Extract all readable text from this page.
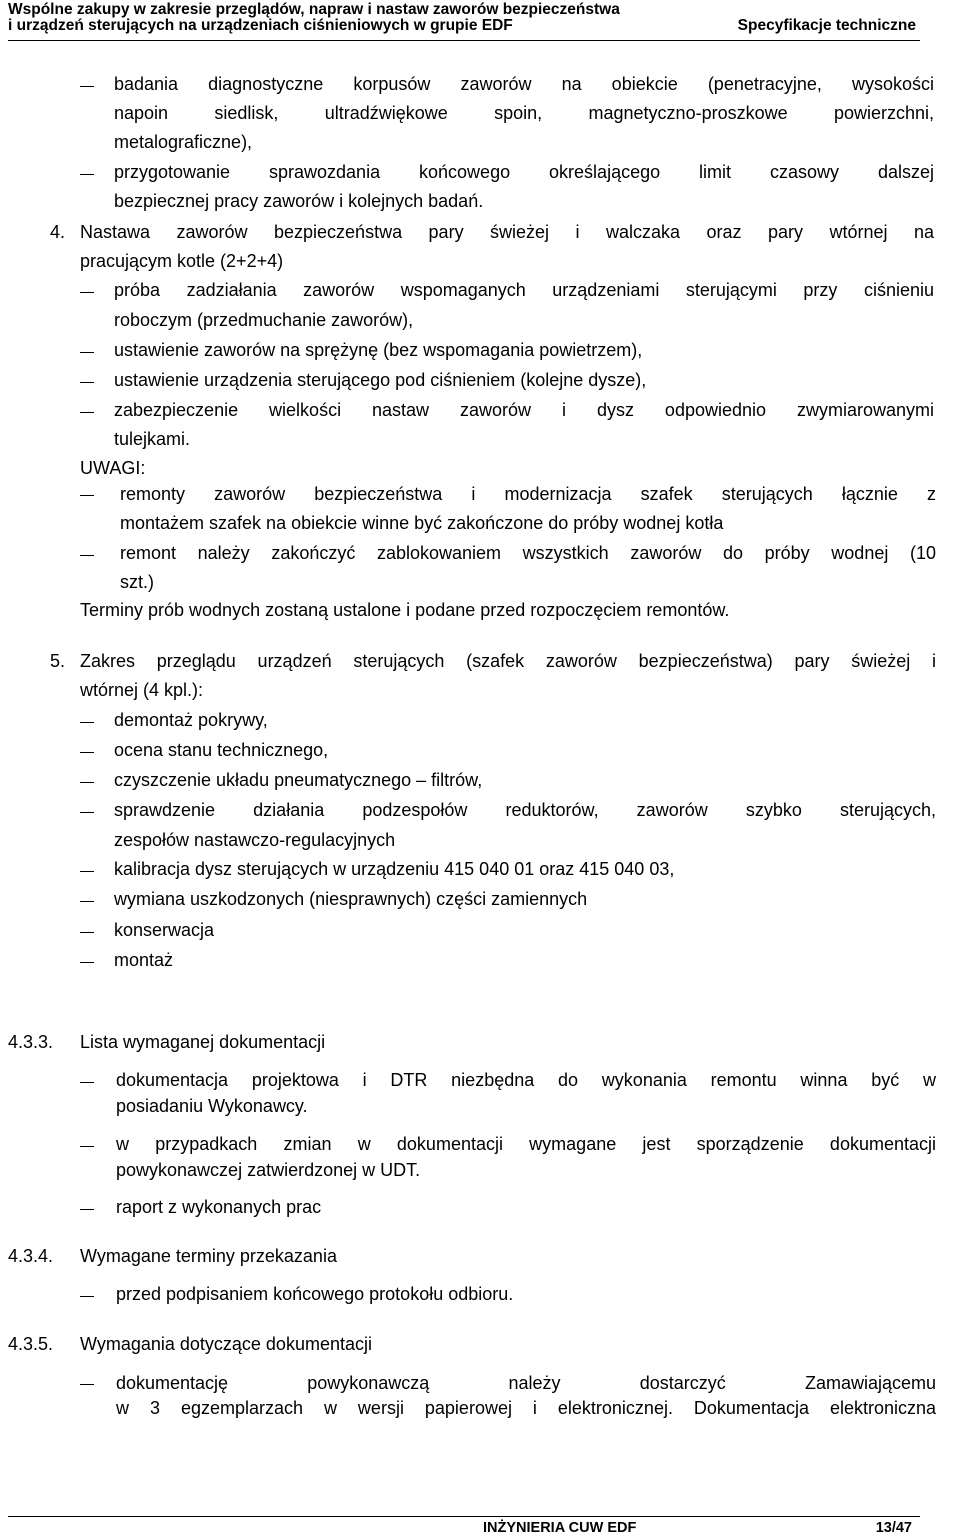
Wspólne zakupy w zakresie przeglądów, napraw i nastaw zaworów bezpieczeństwa
i urządzeń sterujących na urządzeniach ciśnieniowych w grupie EDF	Specyfikacje techniczne
badania diagnostyczne korpusów zaworów na obiekcie (penetracyjne, wysokości
napoin siedlisk, ultradźwiękowe spoin, magnetyczno-proszkowe powierzchni,
metalograficzne),
przygotowanie sprawozdania końcowego określającego limit czasowy dalszej
bezpiecznej pracy zaworów i kolejnych badań.
4. Nastawa zaworów bezpieczeństwa pary świeżej i walczaka oraz pary wtórnej na
pracującym kotle (2+2+4)
próba zadziałania zaworów wspomaganych urządzeniami sterującymi przy ciśnieniu
roboczym (przedmuchanie zaworów),
ustawienie zaworów na sprężynę (bez wspomagania powietrzem),
ustawienie urządzenia sterującego pod ciśnieniem (kolejne dysze),
zabezpieczenie wielkości nastaw zaworów i dysz odpowiednio zwymiarowanymi
tulejkami.
UWAGI:
remonty zaworów bezpieczeństwa i modernizacja szafek sterujących łącznie z
montażem szafek na obiekcie winne być zakończone do próby wodnej kotła
remont należy zakończyć zablokowaniem wszystkich zaworów do próby wodnej (10
szt.)
Terminy prób wodnych zostaną ustalone i podane przed rozpoczęciem remontów.
5. Zakres przeglądu urządzeń sterujących (szafek zaworów bezpieczeństwa) pary świeżej i
wtórnej (4 kpl.):
demontaż pokrywy,
ocena stanu technicznego,
czyszczenie układu pneumatycznego – filtrów,
sprawdzenie działania podzespołów reduktorów, zaworów szybko sterujących,
zespołów nastawczo-regulacyjnych
kalibracja dysz sterujących w urządzeniu 415 040 01 oraz 415 040 03,
wymiana uszkodzonych (niesprawnych) części zamiennych
konserwacja
montaż
4.3.3. Lista wymaganej dokumentacji
dokumentacja projektowa i DTR niezbędna do wykonania remontu winna być w
posiadaniu Wykonawcy.
w przypadkach zmian w dokumentacji wymagane jest sporządzenie dokumentacji
powykonawczej zatwierdzonej w UDT.
raport z wykonanych prac
4.3.4. Wymagane terminy przekazania
przed podpisaniem końcowego protokołu odbioru.
4.3.5. Wymagania dotyczące dokumentacji
dokumentację powykonawczą należy dostarczyć Zamawiającemu
w 3 egzemplarzach w wersji papierowej i elektronicznej. Dokumentacja elektroniczna
INŻYNIERIA CUW EDF	13/47
